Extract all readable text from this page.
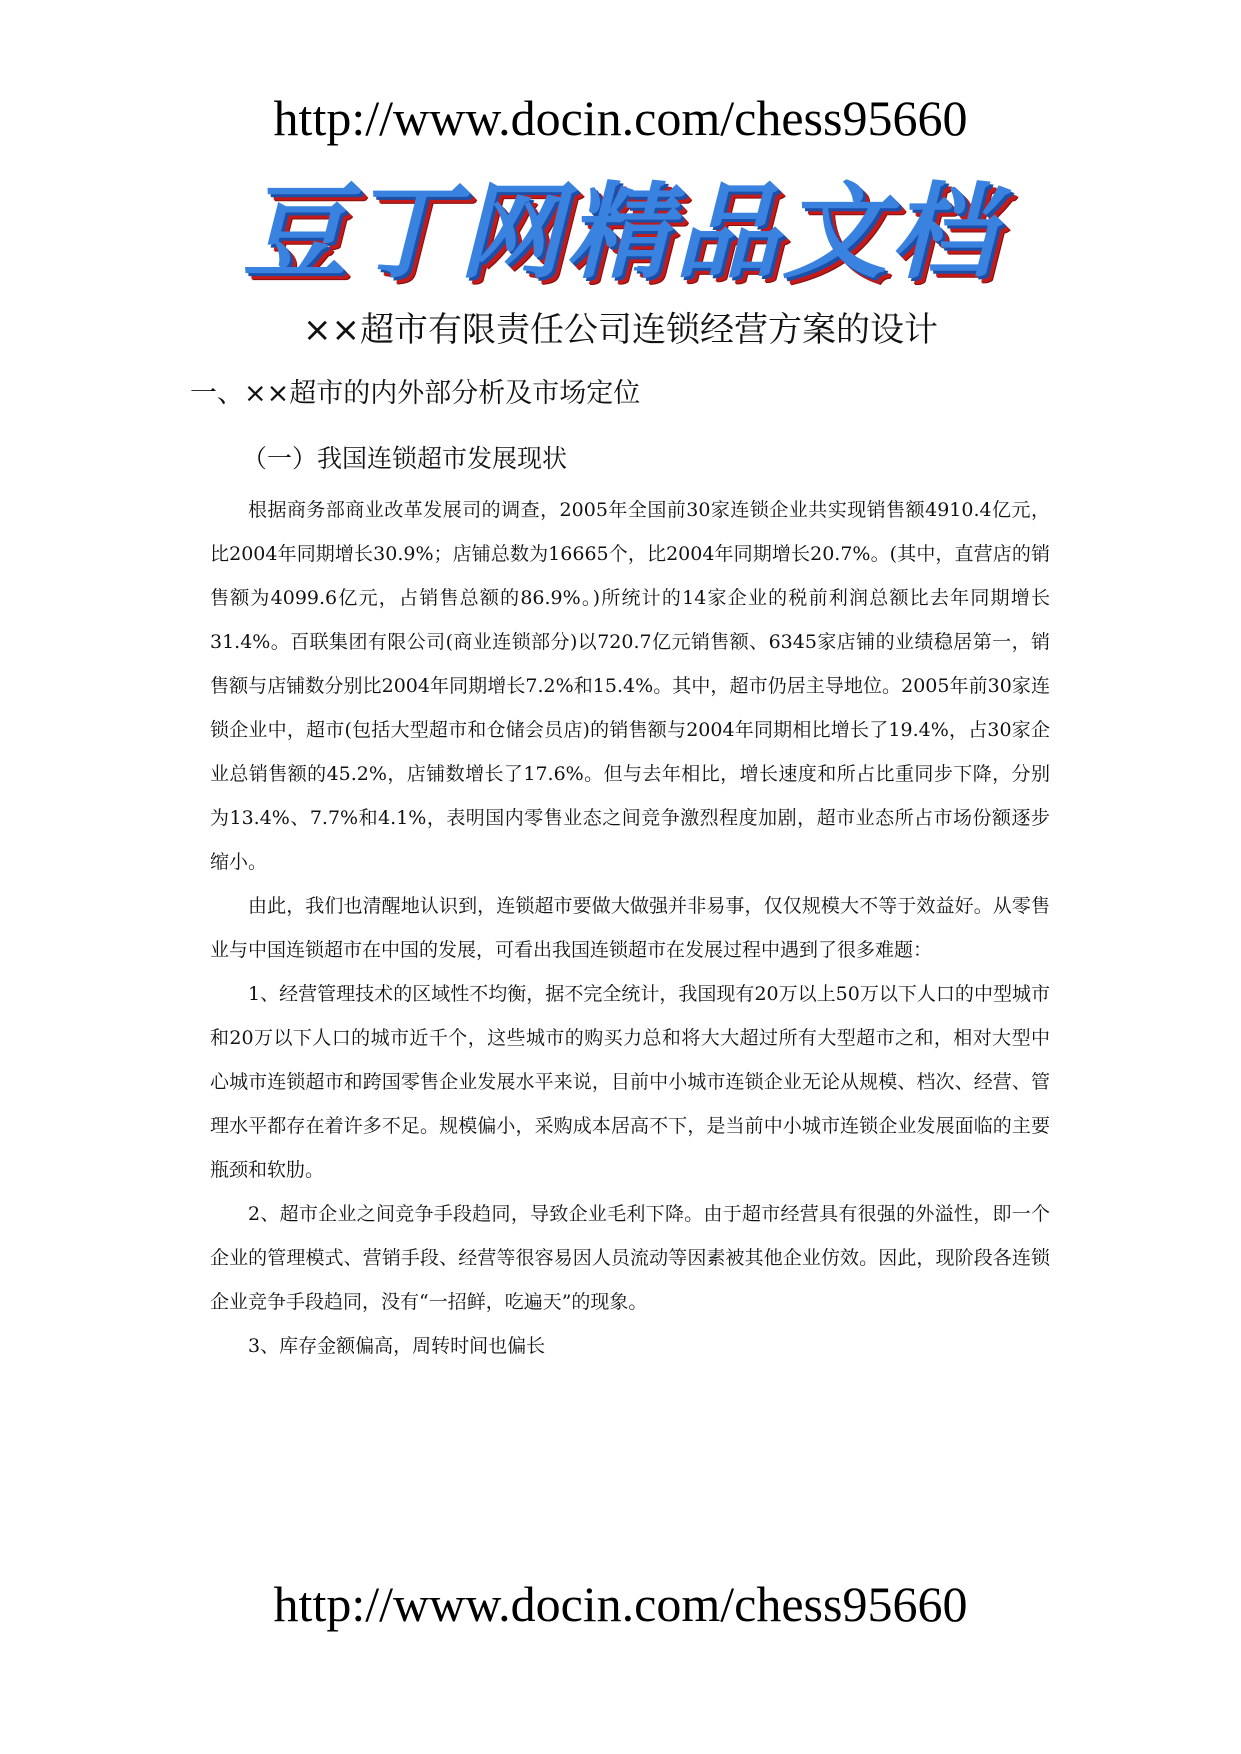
http://www.docin.com/chess95660
豆丁网精品文档
××超市有限责任公司连锁经营方案的设计
一、××超市的内外部分析及市场定位
（一）我国连锁超市发展现状

根据商务部商业改革发展司的调查，2005年全国前30家连锁企业共实现销售额4910.4亿元，比2004年同期增长30.9%；店铺总数为16665个，比2004年同期增长20.7%。(其中，直营店的销售额为4099.6亿元，占销售总额的86.9%。)所统计的14家企业的税前利润总额比去年同期增长31.4%。百联集团有限公司(商业连锁部分)以720.7亿元销售额、6345家店铺的业绩稳居第一，销售额与店铺数分别比2004年同期增长7.2%和15.4%。其中，超市仍居主导地位。2005年前30家连锁企业中，超市(包括大型超市和仓储会员店)的销售额与2004年同期相比增长了19.4%，占30家企业总销售额的45.2%，店铺数增长了17.6%。但与去年相比，增长速度和所占比重同步下降，分别为13.4%、7.7%和4.1%，表明国内零售业态之间竞争激烈程度加剧，超市业态所占市场份额逐步缩小。

由此，我们也清醒地认识到，连锁超市要做大做强并非易事，仅仅规模大不等于效益好。从零售业与中国连锁超市在中国的发展，可看出我国连锁超市在发展过程中遇到了很多难题：

1、经营管理技术的区域性不均衡，据不完全统计，我国现有20万以上50万以下人口的中型城市和20万以下人口的城市近千个，这些城市的购买力总和将大大超过所有大型超市之和，相对大型中心城市连锁超市和跨国零售企业发展水平来说，目前中小城市连锁企业无论从规模、档次、经营、管理水平都存在着许多不足。规模偏小，采购成本居高不下，是当前中小城市连锁企业发展面临的主要瓶颈和软肋。

2、超市企业之间竞争手段趋同，导致企业毛利下降。由于超市经营具有很强的外溢性，即一个企业的管理模式、营销手段、经营等很容易因人员流动等因素被其他企业仿效。因此，现阶段各连锁企业竞争手段趋同，没有“一招鲜，吃遍天”的现象。

3、库存金额偏高，周转时间也偏长

http://www.docin.com/chess95660
